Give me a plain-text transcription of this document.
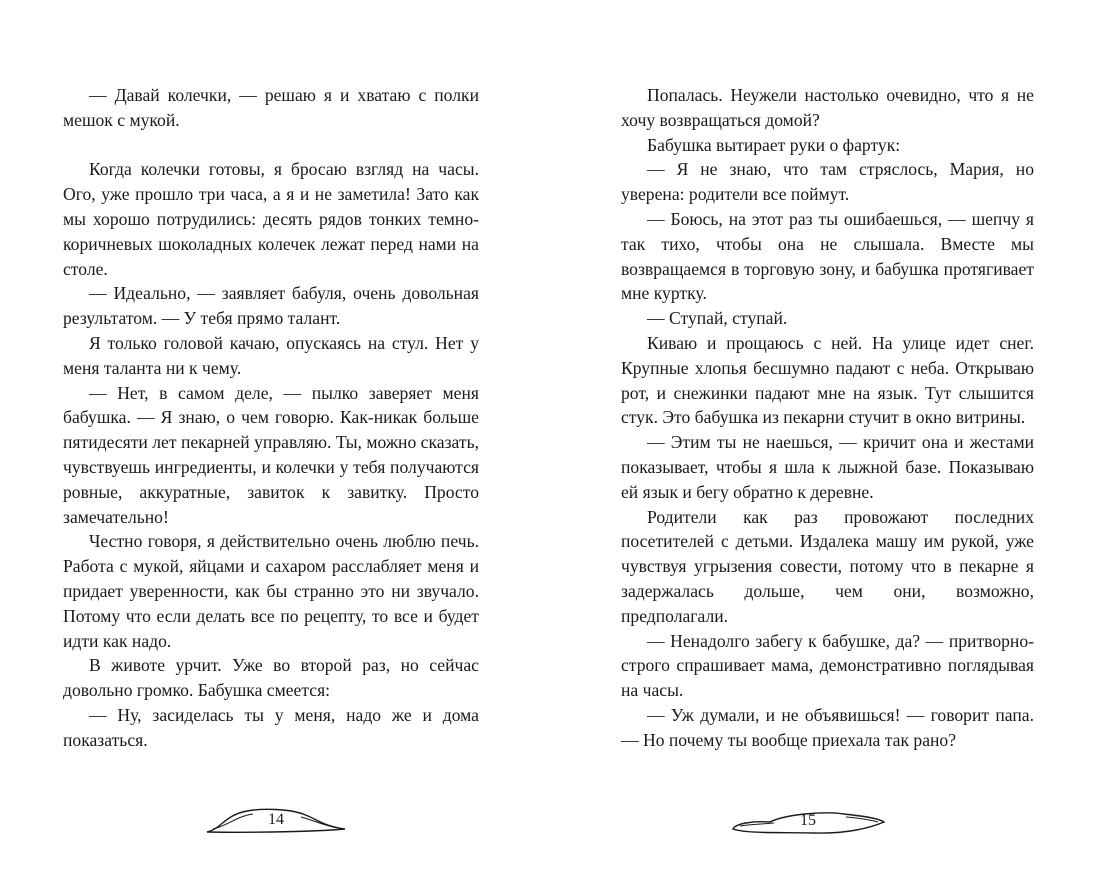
— Давай колечки, — решаю я и хватаю с полки мешок с мукой.

Когда колечки готовы, я бросаю взгляд на часы. Ого, уже прошло три часа, а я и не заметила! Зато как мы хорошо потрудились: десять рядов тонких темно-коричневых шоколадных колечек лежат перед нами на столе.

— Идеально, — заявляет бабуля, очень довольная результатом. — У тебя прямо талант.

Я только головой качаю, опускаясь на стул. Нет у меня таланта ни к чему.

— Нет, в самом деле, — пылко заверяет меня бабушка. — Я знаю, о чем говорю. Как-никак больше пятидесяти лет пекарней управляю. Ты, можно сказать, чувствуешь ингредиенты, и колечки у тебя получаются ровные, аккуратные, завиток к завитку. Просто замечательно!

Честно говоря, я действительно очень люблю печь. Работа с мукой, яйцами и сахаром расслабляет меня и придает уверенности, как бы странно это ни звучало. Потому что если делать все по рецепту, то все и будет идти как надо.

В животе урчит. Уже во второй раз, но сейчас довольно громко. Бабушка смеется:

— Ну, засиделась ты у меня, надо же и дома показаться.

Попалась. Неужели настолько очевидно, что я не хочу возвращаться домой?

Бабушка вытирает руки о фартук:

— Я не знаю, что там стряслось, Мария, но уверена: родители все поймут.

— Боюсь, на этот раз ты ошибаешься, — шепчу я так тихо, чтобы она не слышала. Вместе мы возвращаемся в торговую зону, и бабушка протягивает мне куртку.

— Ступай, ступай.

Киваю и прощаюсь с ней. На улице идет снег. Крупные хлопья бесшумно падают с неба. Открываю рот, и снежинки падают мне на язык. Тут слышится стук. Это бабушка из пекарни стучит в окно витрины.

— Этим ты не наешься, — кричит она и жестами показывает, чтобы я шла к лыжной базе. Показываю ей язык и бегу обратно к деревне.

Родители как раз провожают последних посетителей с детьми. Издалека машу им рукой, уже чувствуя угрызения совести, потому что в пекарне я задержалась дольше, чем они, возможно, предполагали.

— Ненадолго забегу к бабушке, да? — притворно-строго спрашивает мама, демонстративно поглядывая на часы.

— Уж думали, и не объявишься! — говорит папа. — Но почему ты вообще приехала так рано?

14	15
